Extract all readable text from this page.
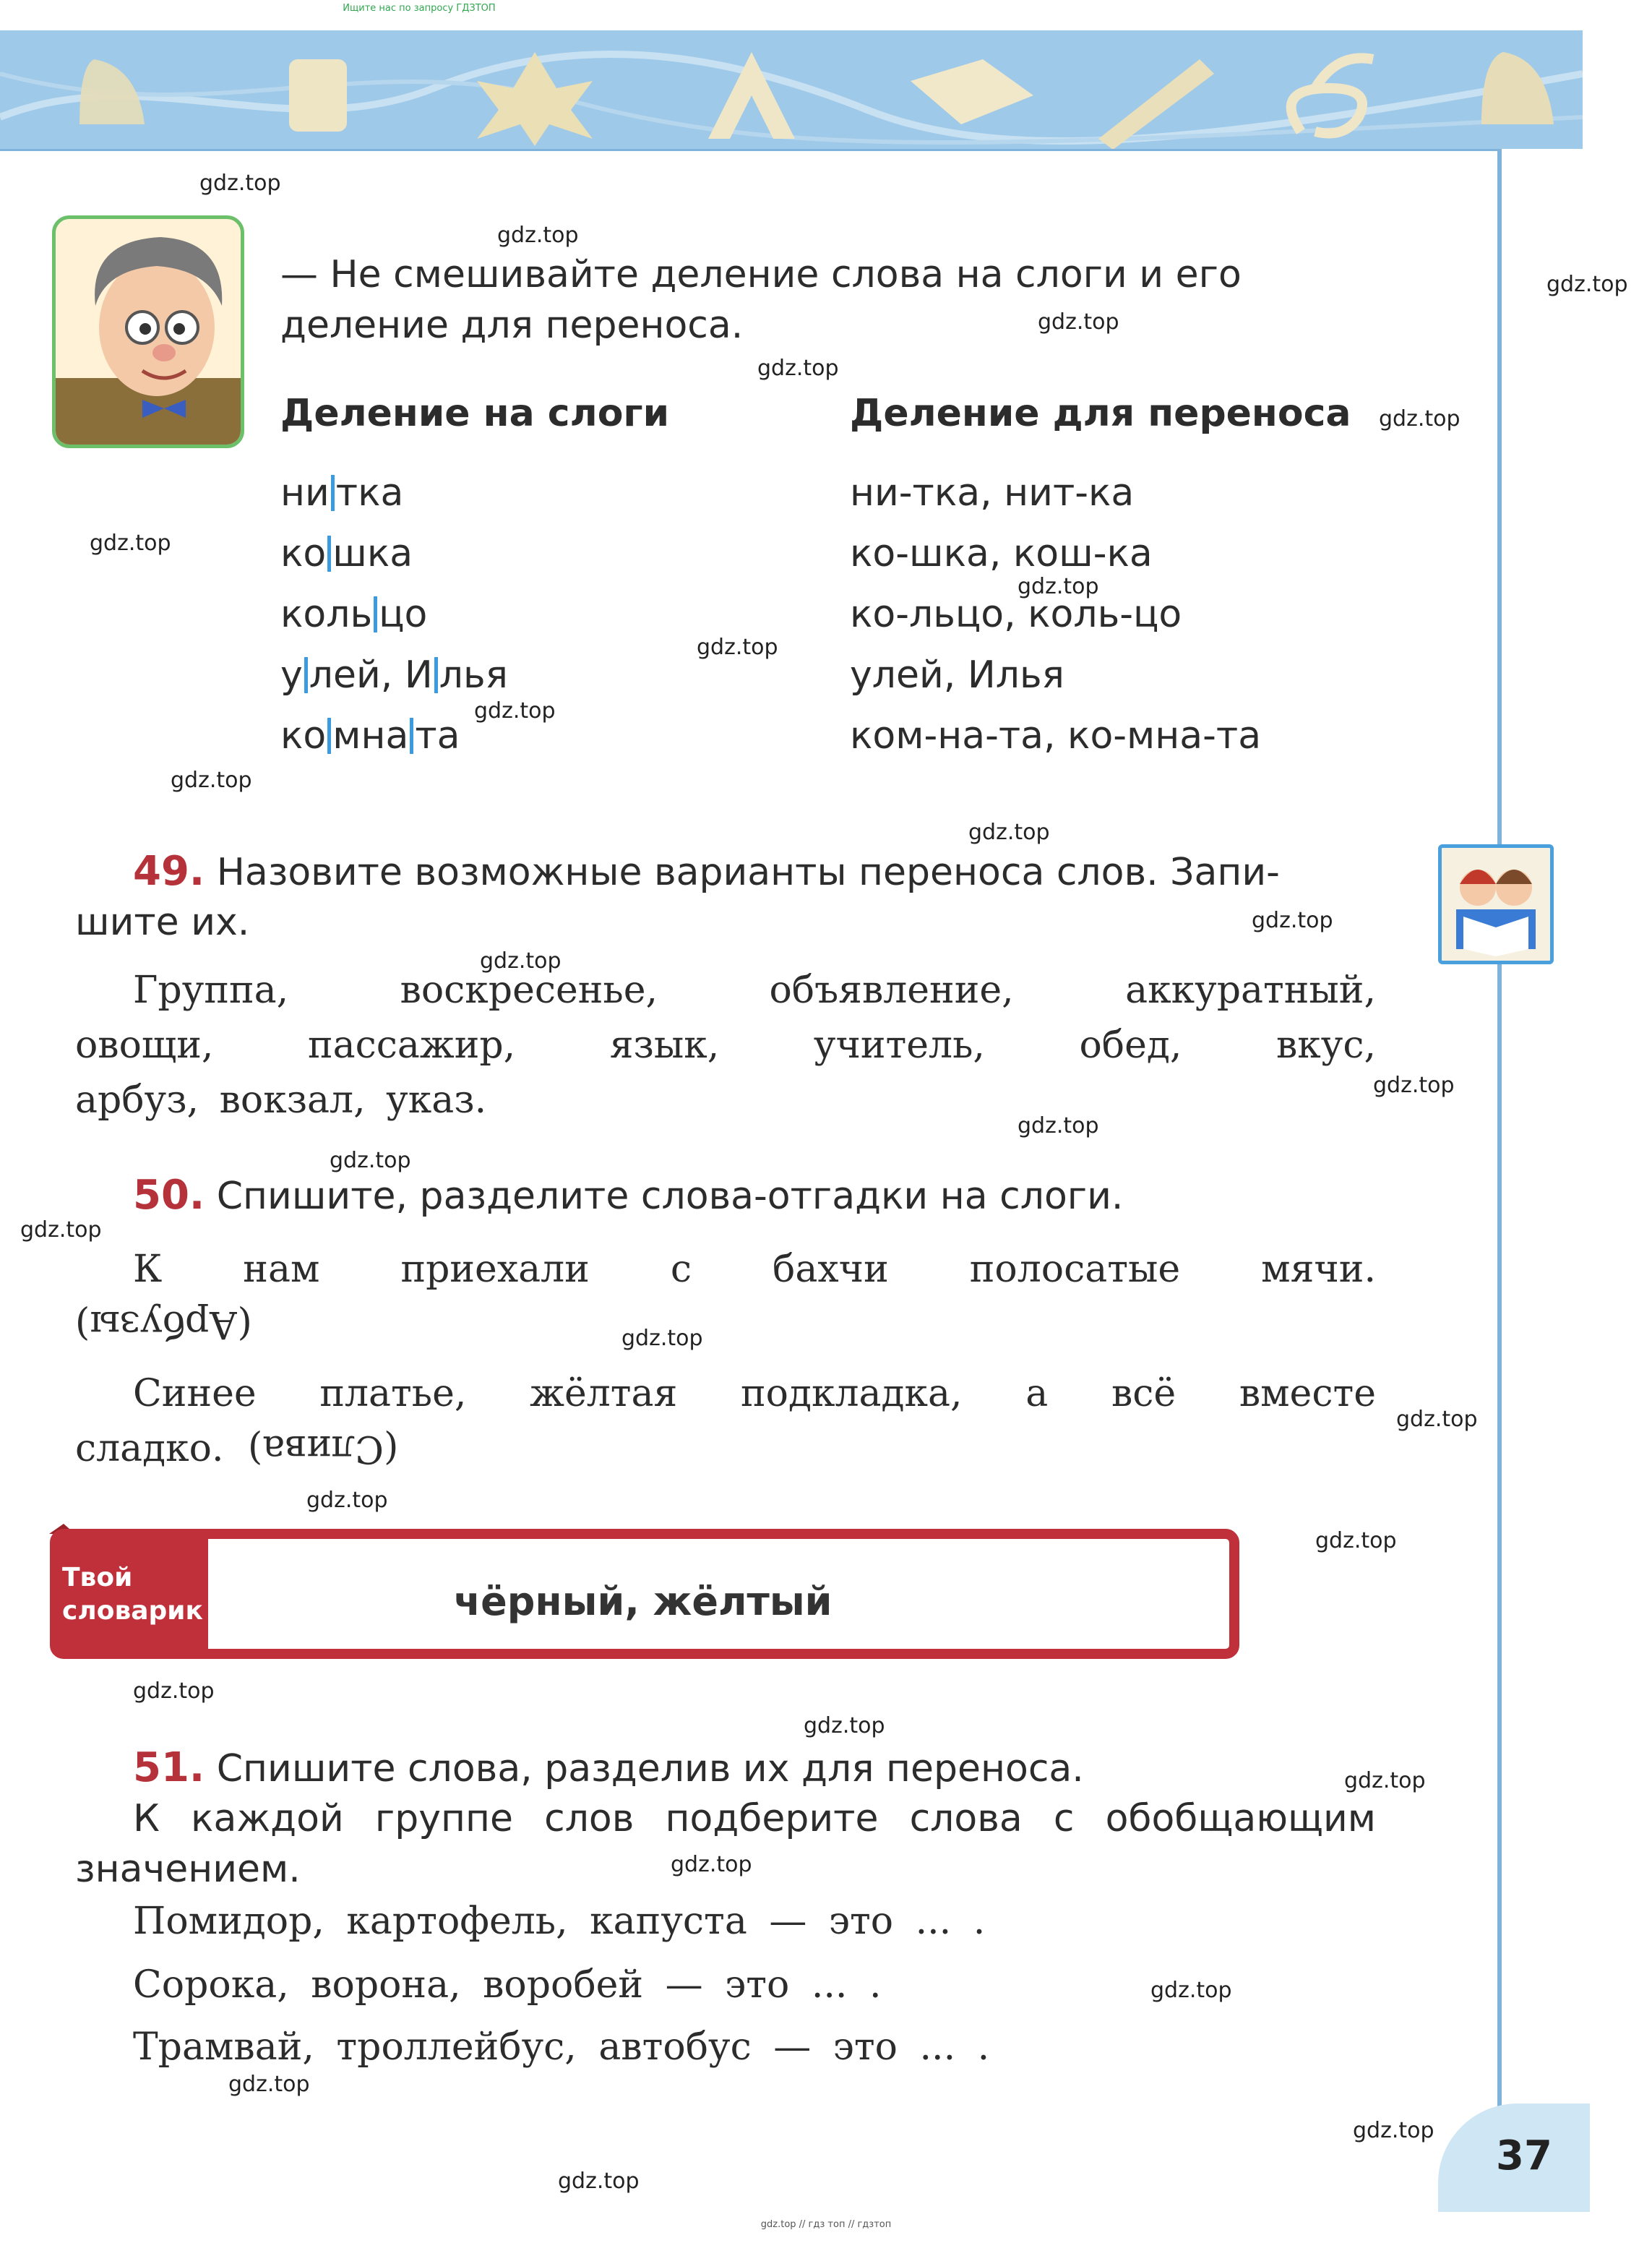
Ищите нас по запросу ГДЗТОП
— Не смешивайте деление слова на слоги и его
деление для переноса.
Деление на слоги	Деление для переноса
ни тка
ко шка
коль цо
у лей, И лья
ко мна та
ни-тка, нит-ка
ко-шка, кош-ка
ко-льцо, коль-цо
улей, Илья
ком-на-та, ко-мна-та
49. Назовите возможные варианты переноса слов. Запи-
шите их.
Группа, воскресенье, объявление, аккуратный,
овощи, пассажир, язык, учитель, обед, вкус,
арбуз, вокзал, указ.
50. Спишите, разделите слова-отгадки на слоги.
К нам приехали с бахчи полосатые мячи.
(Арбузы)
Синее платье, жёлтая подкладка, а всё вместе
сладко. (Слива)
Твой
словарик	чёрный, жёлтый
51. Спишите слова, разделив их для переноса.
К каждой группе слов подберите слова с обобщающим
значением.
Помидор, картофель, капуста — это ... .
Сорока, ворона, воробей — это ... .
Трамвай, троллейбус, автобус — это ... .
37
gdz.top
gdz.top
gdz.top
gdz.top
gdz.top
gdz.top
gdz.top
gdz.top
gdz.top
gdz.top
gdz.top
gdz.top
gdz.top
gdz.top
gdz.top
gdz.top
gdz.top
gdz.top
gdz.top
gdz.top
gdz.top
gdz.top
gdz.top
gdz.top
gdz.top
gdz.top
gdz.top
gdz.top
gdz.top
gdz.top
gdz.top // гдз топ // гдзтоп
